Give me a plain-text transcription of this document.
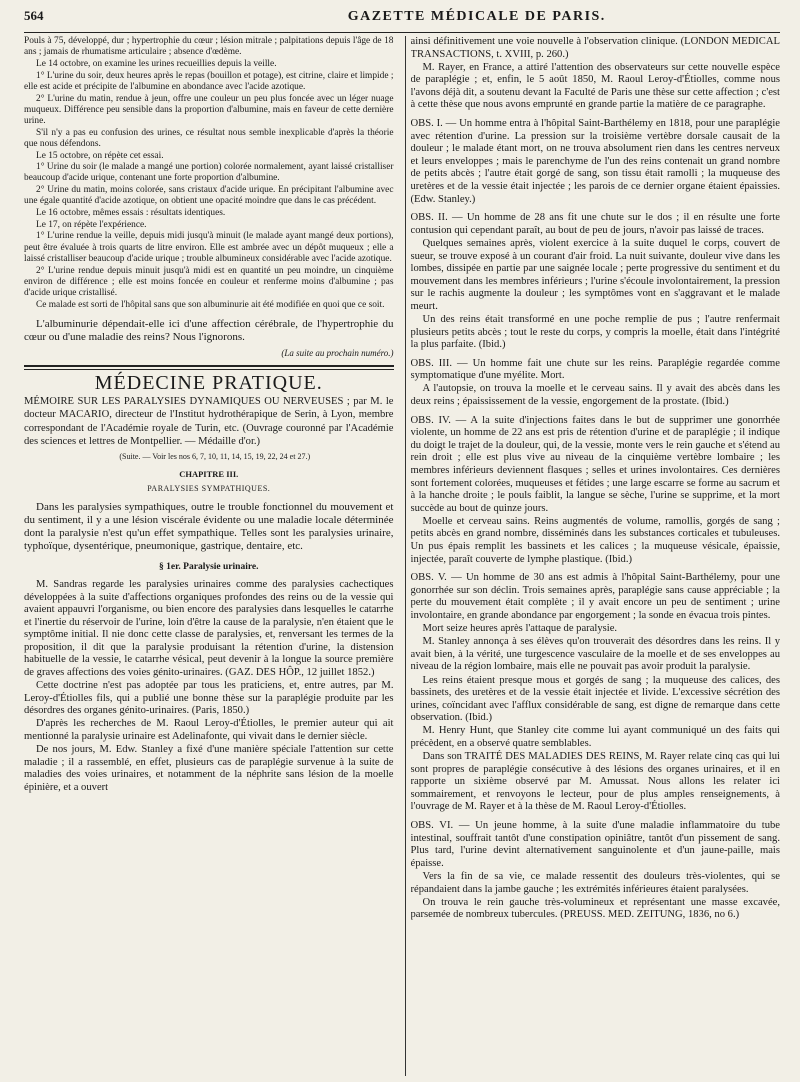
564	GAZETTE MÉDICALE DE PARIS.

Pouls à 75, développé, dur ; hypertrophie du cœur ; lésion mitrale ; palpitations depuis l'âge de 18 ans ; jamais de rhumatisme articulaire ; absence d'œdème.

Le 14 octobre, on examine les urines recueillies depuis la veille.

1° L'urine du soir, deux heures après le repas (bouillon et potage), est citrine, claire et limpide ; elle est acide et précipite de l'albumine en abondance avec l'acide azotique.

2° L'urine du matin, rendue à jeun, offre une couleur un peu plus foncée avec un léger nuage muqueux. Différence peu sensible dans la proportion d'albumine, mais en faveur de cette dernière urine.

S'il n'y a pas eu confusion des urines, ce résultat nous semble inexplicable d'après la théorie que nous défendons.

Le 15 octobre, on répète cet essai.

1° Urine du soir (le malade a mangé une portion) colorée normalement, ayant laissé cristalliser beaucoup d'acide urique, contenant une forte proportion d'albumine.

2° Urine du matin, moins colorée, sans cristaux d'acide urique. En précipitant l'albumine avec une égale quantité d'acide azotique, on obtient une opacité moindre que dans le cas précédent.

Le 16 octobre, mêmes essais : résultats identiques.

Le 17, on répète l'expérience.

1° L'urine rendue la veille, depuis midi jusqu'à minuit (le malade ayant mangé deux portions), peut être évaluée à trois quarts de litre environ. Elle est ambrée avec un dépôt muqueux ; elle a laissé cristalliser beaucoup d'acide urique ; trouble albumineux considérable avec l'acide azotique.

2° L'urine rendue depuis minuit jusqu'à midi est en quantité un peu moindre, un cinquième environ de différence ; elle est moins foncée en couleur et renferme moins d'albumine ; pas d'acide urique cristallisé.

Ce malade est sorti de l'hôpital sans que son albuminurie ait été modifiée en quoi que ce soit.

L'albuminurie dépendait-elle ici d'une affection cérébrale, de l'hypertrophie du cœur ou d'une maladie des reins? Nous l'ignorons.

(La suite au prochain numéro.)

MÉDECINE PRATIQUE.

MÉMOIRE SUR LES PARALYSIES DYNAMIQUES OU NERVEUSES ; par M. le docteur MACARIO, directeur de l'Institut hydrothérapique de Serin, à Lyon, membre correspondant de l'Académie royale de Turin, etc. (Ouvrage couronné par l'Académie des sciences et lettres de Montpellier. — Médaille d'or.)

(Suite. — Voir les nos 6, 7, 10, 11, 14, 15, 19, 22, 24 et 27.)

CHAPITRE III.

PARALYSIES SYMPATHIQUES.

Dans les paralysies sympathiques, outre le trouble fonctionnel du mouvement et du sentiment, il y a une lésion viscérale évidente ou une maladie locale déterminée dont la paralysie n'est qu'un effet sympathique. Telles sont les paralysies urinaire, typhoïque, dysentérique, pneumonique, gastrique, dentaire, etc.

§ 1er. Paralysie urinaire.

M. Sandras regarde les paralysies urinaires comme des paralysies cachectiques développées à la suite d'affections organiques profondes des reins ou de la vessie qui avaient appauvri l'organisme, ou bien encore des paralysies dans lesquelles le catarrhe et l'inertie du réservoir de l'urine, loin d'être la cause de la paralysie, n'en étaient que le symptôme initial. Il nie donc cette classe de paralysies, et, renversant les termes de la proposition, il dit que la paralysie produisant la rétention d'urine, la distension habituelle de la vessie, le catarrhe vésical, peut devenir à la longue la source première de graves affections des voies génito-urinaires. (GAZ. DES HÔP., 12 juillet 1852.)

Cette doctrine n'est pas adoptée par tous les praticiens, et, entre autres, par M. Leroy-d'Étiolles fils, qui a publié une bonne thèse sur la paraplégie produite par les désordres des organes génito-urinaires. (Paris, 1850.)

D'après les recherches de M. Raoul Leroy-d'Étiolles, le premier auteur qui ait mentionné la paralysie urinaire est Adelinafonte, qui vivait dans le dernier siècle.

De nos jours, M. Edw. Stanley a fixé d'une manière spéciale l'attention sur cette maladie ; il a rassemblé, en effet, plusieurs cas de paraplégie survenue à la suite de maladies des voies urinaires, et notamment de la néphrite sans lésion de la moelle épinière, et a ouvert

ainsi définitivement une voie nouvelle à l'observation clinique. (LONDON MEDICAL TRANSACTIONS, t. XVIII, p. 260.)

M. Rayer, en France, a attiré l'attention des observateurs sur cette nouvelle espèce de paraplégie ; et, enfin, le 5 août 1850, M. Raoul Leroy-d'Étiolles, comme nous l'avons déjà dit, a soutenu devant la Faculté de Paris une thèse sur cette affection ; c'est à cette thèse que nous avons emprunté en grande partie la matière de ce paragraphe.

OBS. I. — Un homme entra à l'hôpital Saint-Barthélemy en 1818, pour une paraplégie avec rétention d'urine. La pression sur la troisième vertèbre dorsale causait de la douleur ; le malade étant mort, on ne trouva absolument rien dans les centres nerveux et leurs enveloppes ; mais le parenchyme de l'un des reins contenait un grand nombre de petits abcès ; l'autre était gorgé de sang, son tissu était ramolli ; la muqueuse des uretères et de la vessie était injectée ; les parois de ce dernier organe étaient épaissies. (Edw. Stanley.)

OBS. II. — Un homme de 28 ans fit une chute sur le dos ; il en résulte une forte contusion qui cependant paraît, au bout de peu de jours, n'avoir pas laissé de traces.

Quelques semaines après, violent exercice à la suite duquel le corps, couvert de sueur, se trouve exposé à un courant d'air froid. La nuit suivante, douleur vive dans les lombes, dissipée en partie par une saignée locale ; perte progressive du sentiment et du mouvement dans les membres inférieurs ; l'urine s'écoule involontairement, la pression sur le rachis augmente la douleur ; les symptômes vont en s'aggravant et le malade meurt.

Un des reins était transformé en une poche remplie de pus ; l'autre renfermait plusieurs petits abcès ; tout le reste du corps, y compris la moelle, était dans l'intégrité la plus parfaite. (Ibid.)

OBS. III. — Un homme fait une chute sur les reins. Paraplégie regardée comme symptomatique d'une myélite. Mort.

A l'autopsie, on trouva la moelle et le cerveau sains. Il y avait des abcès dans les deux reins ; épaississement de la vessie, engorgement de la prostate. (Ibid.)

OBS. IV. — A la suite d'injections faites dans le but de supprimer une gonorrhée violente, un homme de 22 ans est pris de rétention d'urine et de paraplégie ; il indique du doigt le trajet de la douleur, qui, de la vessie, monte vers le rein gauche et s'étend au rein droit ; elle est plus vive au niveau de la cinquième vertèbre lombaire ; les membres inférieurs deviennent flasques ; selles et urines involontaires. Ces dernières sont fortement colorées, muqueuses et fétides ; une large escarre se forme au sacrum et à la hanche droite ; le pouls faiblit, la langue se sèche, l'urine se supprime, et la mort succède au bout de quinze jours.

Moelle et cerveau sains. Reins augmentés de volume, ramollis, gorgés de sang ; petits abcès en grand nombre, disséminés dans les substances corticales et tubuleuses. Un pus épais remplit les bassinets et les calices ; la muqueuse vésicale, épaissie, injectée, paraît couverte de lymphe plastique. (Ibid.)

OBS. V. — Un homme de 30 ans est admis à l'hôpital Saint-Barthélemy, pour une gonorrhée sur son déclin. Trois semaines après, paraplégie sans cause appréciable ; la perte du mouvement était complète ; il y avait encore un peu de sentiment ; urine involontaire, en grande abondance par engorgement ; la sonde en évacua trois pintes.

Mort seize heures après l'attaque de paralysie.

M. Stanley annonça à ses élèves qu'on trouverait des désordres dans les reins. Il y avait bien, à la vérité, une turgescence vasculaire de la moelle et de ses enveloppes au niveau de la région lombaire, mais elle ne pouvait pas avoir produit la paralysie.

Les reins étaient presque mous et gorgés de sang ; la muqueuse des calices, des bassinets, des uretères et de la vessie était injectée et livide. L'excessive sécrétion des urines, coïncidant avec l'afflux considérable de sang, est digne de remarque dans cette observation. (Ibid.)

M. Henry Hunt, que Stanley cite comme lui ayant communiqué un des faits qui précèdent, en a observé quatre semblables.

Dans son TRAITÉ DES MALADIES DES REINS, M. Rayer relate cinq cas qui lui sont propres de paraplégie consécutive à des lésions des organes urinaires, et il en rapporte un sixième observé par M. Amussat. Nous allons les relater ici sommairement, et renvoyons le lecteur, pour de plus amples renseignements, à l'ouvrage de M. Rayer et à la thèse de M. Raoul Leroy-d'Étiolles.

OBS. VI. — Un jeune homme, à la suite d'une maladie inflammatoire du tube intestinal, souffrait tantôt d'une constipation opiniâtre, tantôt d'un pissement de sang. Plus tard, l'urine devint alternativement sanguinolente et d'un jaune-paille, mais épaisse.

Vers la fin de sa vie, ce malade ressentit des douleurs très-violentes, qui se répandaient dans la jambe gauche ; les extrémités inférieures étaient paralysées.

On trouva le rein gauche très-volumineux et représentant une masse excavée, parsemée de nombreux tubercules. (PREUSS. MED. ZEITUNG, 1836, no 6.)
